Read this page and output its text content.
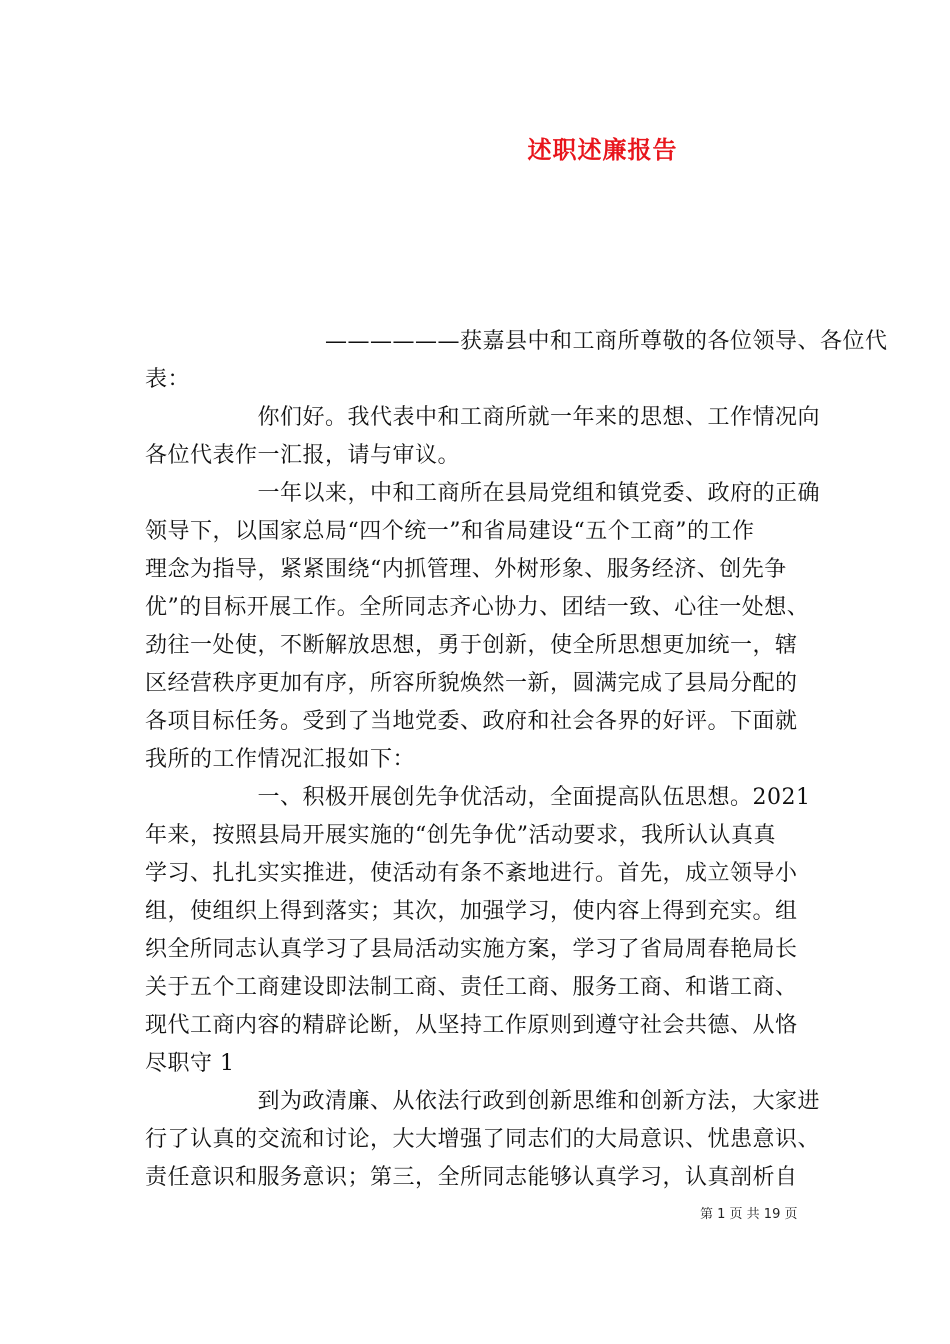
述职述廉报告
　　　　　　　　——————获嘉县中和工商所尊敬的各位领导、各位代
表：
　　　　　你们好。我代表中和工商所就一年来的思想、工作情况向
各位代表作一汇报，请与审议。
　　　　　一年以来，中和工商所在县局党组和镇党委、政府的正确
领导下，以国家总局“四个统一”和省局建设“五个工商”的工作
理念为指导，紧紧围绕“内抓管理、外树形象、服务经济、创先争
优”的目标开展工作。全所同志齐心协力、团结一致、心往一处想、
劲往一处使，不断解放思想，勇于创新，使全所思想更加统一，辖
区经营秩序更加有序，所容所貌焕然一新，圆满完成了县局分配的
各项目标任务。受到了当地党委、政府和社会各界的好评。下面就
我所的工作情况汇报如下：
　　　　　一、积极开展创先争优活动，全面提高队伍思想。2021
年来，按照县局开展实施的“创先争优”活动要求，我所认认真真
学习、扎扎实实推进，使活动有条不紊地进行。首先，成立领导小
组，使组织上得到落实；其次，加强学习，使内容上得到充实。组
织全所同志认真学习了县局活动实施方案，学习了省局周春艳局长
关于五个工商建设即法制工商、责任工商、服务工商、和谐工商、
现代工商内容的精辟论断，从坚持工作原则到遵守社会共德、从恪
尽职守 1
　　　　　到为政清廉、从依法行政到创新思维和创新方法，大家进
行了认真的交流和讨论，大大增强了同志们的大局意识、忧患意识、
责任意识和服务意识；第三，全所同志能够认真学习，认真剖析自
第 1 页 共 19 页
